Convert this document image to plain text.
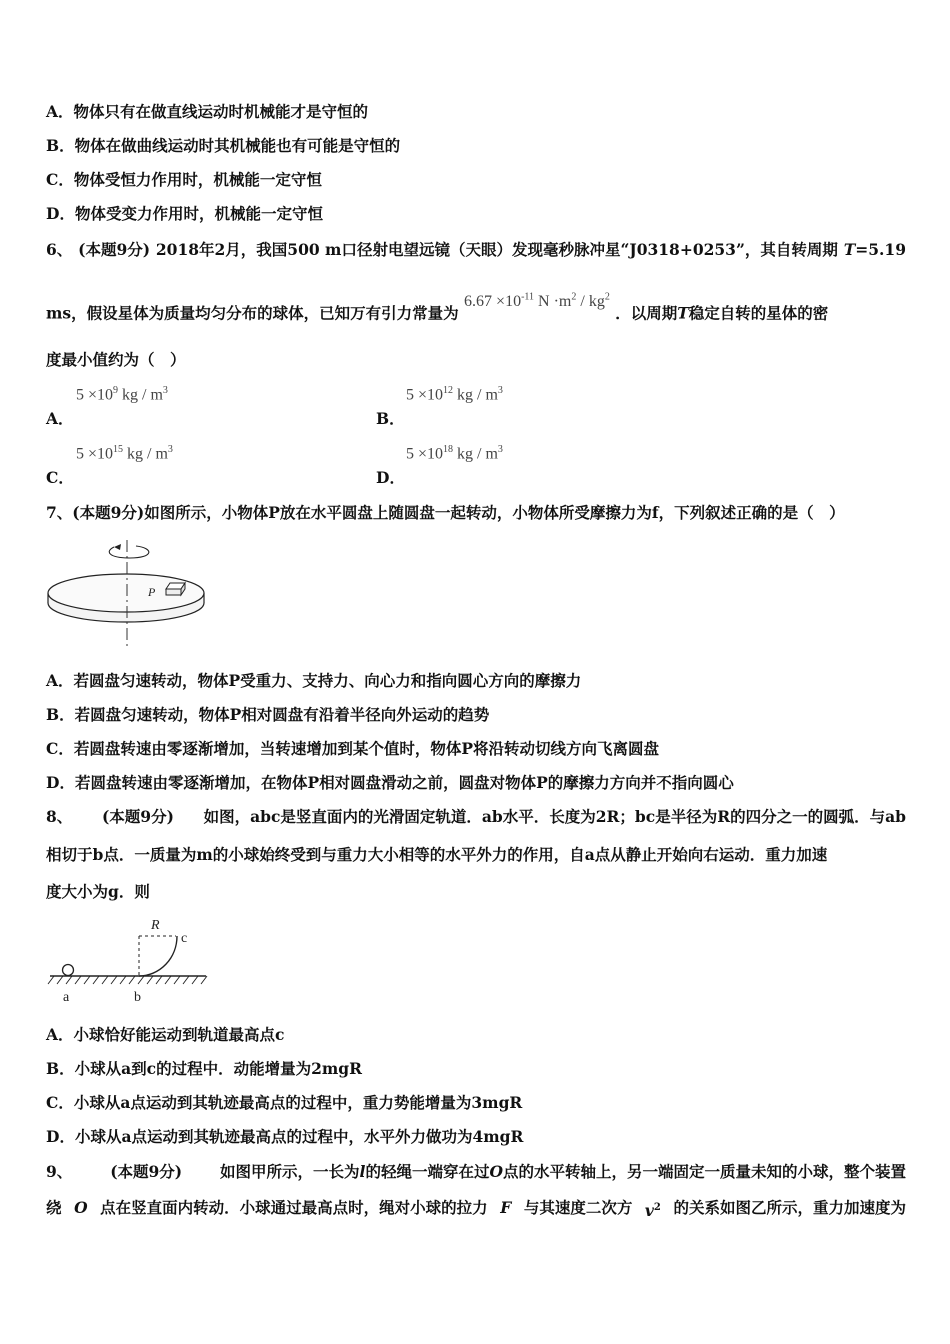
A．物体只有在做直线运动时机械能才是守恒的
B．物体在做曲线运动时其机械能也有可能是守恒的
C．物体受恒力作用时，机械能一定守恒
D．物体受变力作用时，机械能一定守恒
6、 (本题9分) 2018年2月，我国500 m口径射电望远镜（天眼）发现毫秒脉冲星“J0318+0253”，其自转周期 T=5.19
ms，假设星体为质量均匀分布的球体，已知万有引力常量为 $6.67 \times 10^{-11}$ $N \cdot m^2 / kg^2$ ．以周期T稳定自转的星体的密
度最小值约为（　）
A．
$5 \times 10^9$ kg / $m^3$
B．
$5 \times 10^{12}$ kg / $m^3$
C．
$5 \times 10^{15}$ kg / $m^3$
D．
$5 \times 10^{18}$ kg / $m^3$
7、(本题9分)如图所示，小物体P放在水平圆盘上随圆盘一起转动，小物体所受摩擦力为f，下列叙述正确的是（　）
P
A．若圆盘匀速转动，物体P受重力、支持力、向心力和指向圆心方向的摩擦力
B．若圆盘匀速转动，物体P相对圆盘有沿着半径向外运动的趋势
C．若圆盘转速由零逐渐增加，当转速增加到某个值时，物体P将沿转动切线方向飞离圆盘
D．若圆盘转速由零逐渐增加，在物体P相对圆盘滑动之前，圆盘对物体P的摩擦力方向并不指向圆心
8、 (本题9分) 如图，abc是竖直面内的光滑固定轨道．ab水平．长度为2R；bc是半径为R的四分之一的圆弧．与ab
相切于b点．一质量为m的小球始终受到与重力大小相等的水平外力的作用，自a点从静止开始向右运动．重力加速
度大小为g．则
R
c
a	b
A．小球恰好能运动到轨道最高点c
B．小球从a到c的过程中．动能增量为2mgR
C．小球从a点运动到其轨迹最高点的过程中，重力势能增量为3mgR
D．小球从a点运动到其轨迹最高点的过程中，水平外力做功为4mgR
9、 (本题9分) 如图甲所示，一长为l的轻绳一端穿在过O点的水平转轴上，另一端固定一质量未知的小球，整个装置
绕 O 点在竖直面内转动．小球通过最高点时，绳对小球的拉力 F 与其速度二次方 $v^2$ 的关系如图乙所示，重力加速度为
